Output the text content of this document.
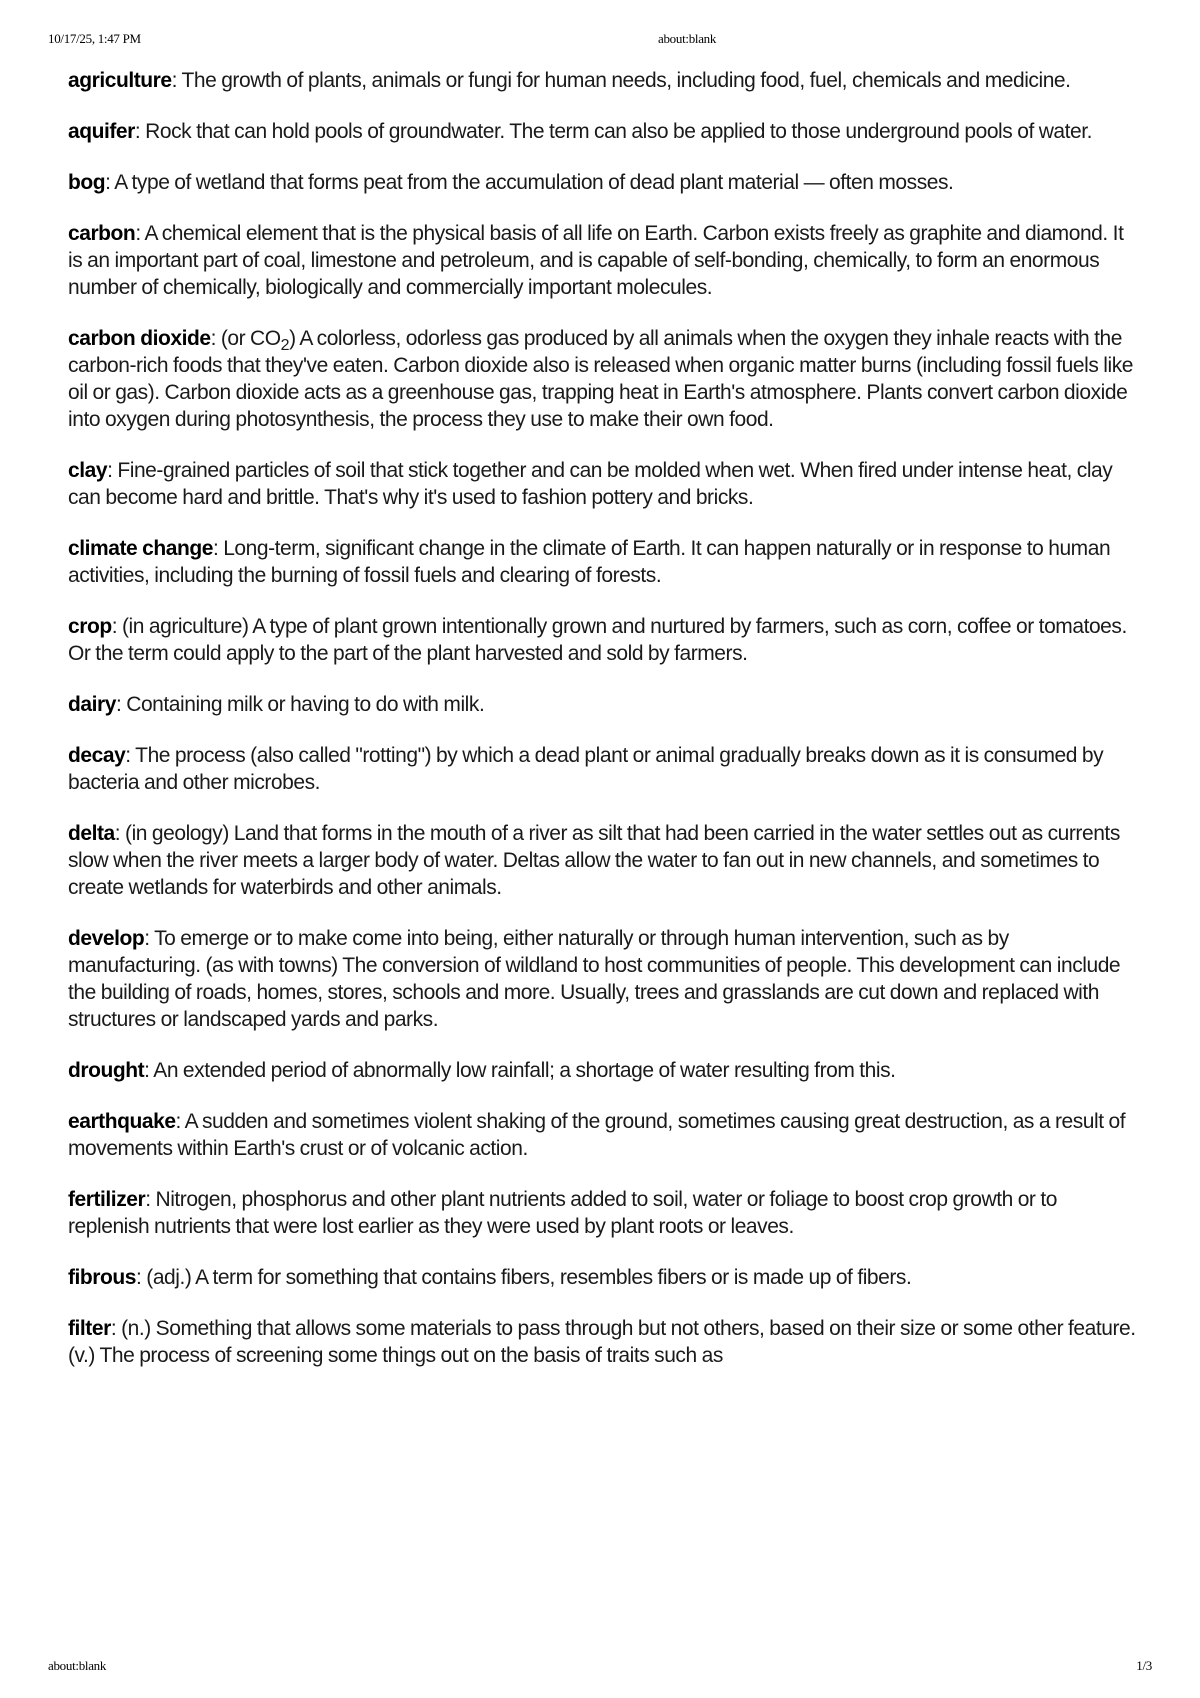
10/17/25, 1:47 PM	about:blank

agriculture: The growth of plants, animals or fungi for human needs, including food, fuel, chemicals and medicine.

aquifer: Rock that can hold pools of groundwater. The term can also be applied to those underground pools of water.

bog: A type of wetland that forms peat from the accumulation of dead plant material — often mosses.

carbon: A chemical element that is the physical basis of all life on Earth. Carbon exists freely as graphite and diamond. It is an important part of coal, limestone and petroleum, and is capable of self-bonding, chemically, to form an enormous number of chemically, biologically and commercially important molecules.

carbon dioxide: (or $CO_2$) A colorless, odorless gas produced by all animals when the oxygen they inhale reacts with the carbon-rich foods that they've eaten. Carbon dioxide also is released when organic matter burns (including fossil fuels like oil or gas). Carbon dioxide acts as a greenhouse gas, trapping heat in Earth's atmosphere. Plants convert carbon dioxide into oxygen during photosynthesis, the process they use to make their own food.

clay: Fine-grained particles of soil that stick together and can be molded when wet. When fired under intense heat, clay can become hard and brittle. That's why it's used to fashion pottery and bricks.

climate change: Long-term, significant change in the climate of Earth. It can happen naturally or in response to human activities, including the burning of fossil fuels and clearing of forests.

crop: (in agriculture) A type of plant grown intentionally grown and nurtured by farmers, such as corn, coffee or tomatoes. Or the term could apply to the part of the plant harvested and sold by farmers.

dairy: Containing milk or having to do with milk.

decay: The process (also called "rotting") by which a dead plant or animal gradually breaks down as it is consumed by bacteria and other microbes.

delta: (in geology) Land that forms in the mouth of a river as silt that had been carried in the water settles out as currents slow when the river meets a larger body of water. Deltas allow the water to fan out in new channels, and sometimes to create wetlands for waterbirds and other animals.

develop: To emerge or to make come into being, either naturally or through human intervention, such as by manufacturing. (as with towns) The conversion of wildland to host communities of people. This development can include the building of roads, homes, stores, schools and more. Usually, trees and grasslands are cut down and replaced with structures or landscaped yards and parks.

drought: An extended period of abnormally low rainfall; a shortage of water resulting from this.

earthquake: A sudden and sometimes violent shaking of the ground, sometimes causing great destruction, as a result of movements within Earth's crust or of volcanic action.

fertilizer: Nitrogen, phosphorus and other plant nutrients added to soil, water or foliage to boost crop growth or to replenish nutrients that were lost earlier as they were used by plant roots or leaves.

fibrous: (adj.) A term for something that contains fibers, resembles fibers or is made up of fibers.

filter: (n.) Something that allows some materials to pass through but not others, based on their size or some other feature. (v.) The process of screening some things out on the basis of traits such as

about:blank	1/3
